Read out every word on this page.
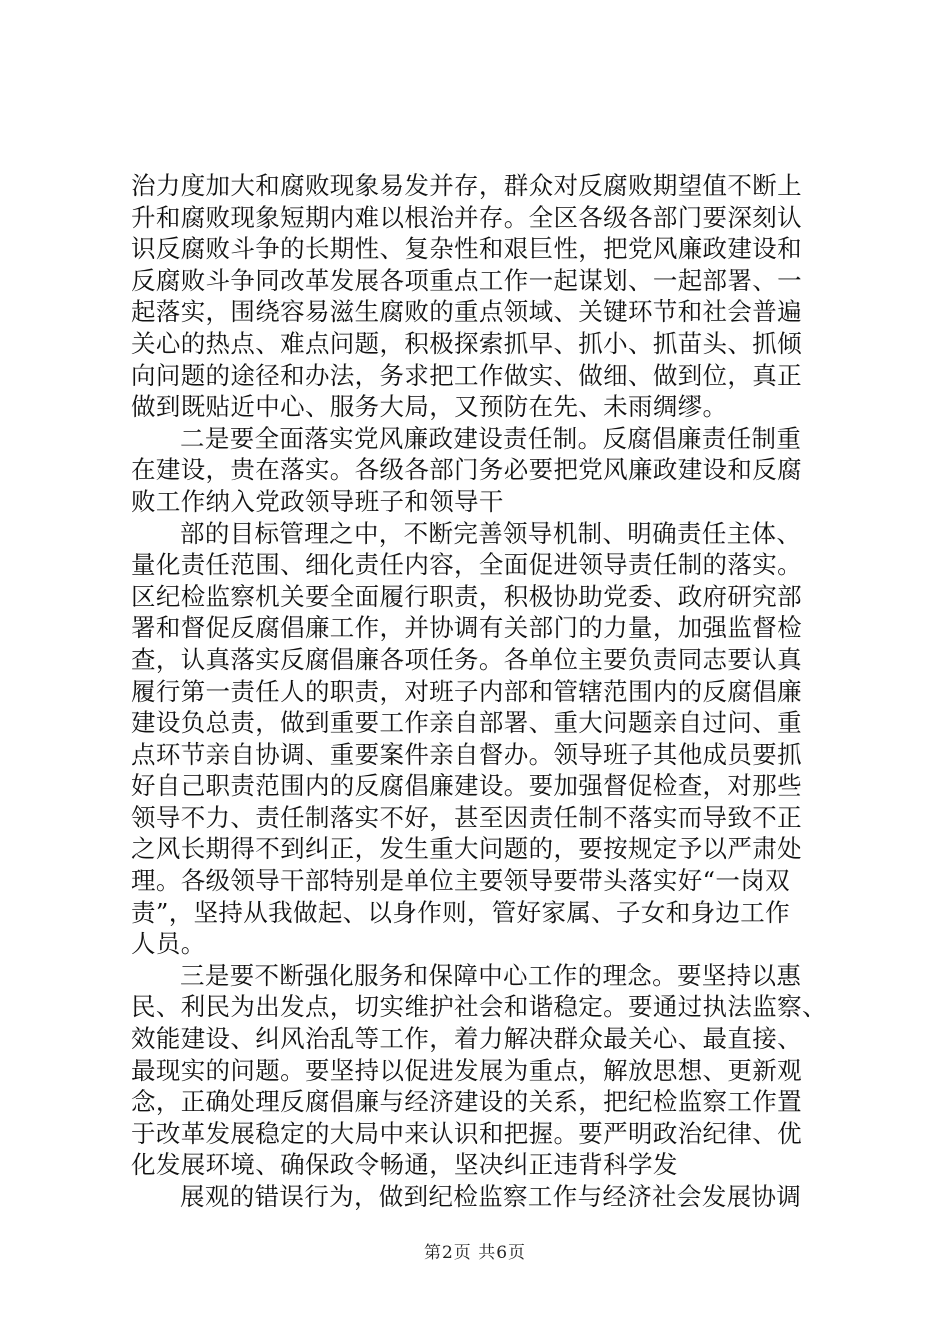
治力度加大和腐败现象易发并存，群众对反腐败期望值不断上
升和腐败现象短期内难以根治并存。全区各级各部门要深刻认
识反腐败斗争的长期性、复杂性和艰巨性，把党风廉政建设和
反腐败斗争同改革发展各项重点工作一起谋划、一起部署、一
起落实，围绕容易滋生腐败的重点领域、关键环节和社会普遍
关心的热点、难点问题，积极探索抓早、抓小、抓苗头、抓倾
向问题的途径和办法，务求把工作做实、做细、做到位，真正
做到既贴近中心、服务大局，又预防在先、未雨绸缪。
二是要全面落实党风廉政建设责任制。反腐倡廉责任制重
在建设，贵在落实。各级各部门务必要把党风廉政建设和反腐
败工作纳入党政领导班子和领导干
部的目标管理之中，不断完善领导机制、明确责任主体、
量化责任范围、细化责任内容，全面促进领导责任制的落实。
区纪检监察机关要全面履行职责，积极协助党委、政府研究部
署和督促反腐倡廉工作，并协调有关部门的力量，加强监督检
查，认真落实反腐倡廉各项任务。各单位主要负责同志要认真
履行第一责任人的职责，对班子内部和管辖范围内的反腐倡廉
建设负总责，做到重要工作亲自部署、重大问题亲自过问、重
点环节亲自协调、重要案件亲自督办。领导班子其他成员要抓
好自己职责范围内的反腐倡廉建设。要加强督促检查，对那些
领导不力、责任制落实不好，甚至因责任制不落实而导致不正
之风长期得不到纠正，发生重大问题的，要按规定予以严肃处
理。各级领导干部特别是单位主要领导要带头落实好“一岗双
责”，坚持从我做起、以身作则，管好家属、子女和身边工作
人员。
三是要不断强化服务和保障中心工作的理念。要坚持以惠
民、利民为出发点，切实维护社会和谐稳定。要通过执法监察、
效能建设、纠风治乱等工作，着力解决群众最关心、最直接、
最现实的问题。要坚持以促进发展为重点，解放思想、更新观
念，正确处理反腐倡廉与经济建设的关系，把纪检监察工作置
于改革发展稳定的大局中来认识和把握。要严明政治纪律、优
化发展环境、确保政令畅通，坚决纠正违背科学发
展观的错误行为，做到纪检监察工作与经济社会发展协调
第2页 共6页
